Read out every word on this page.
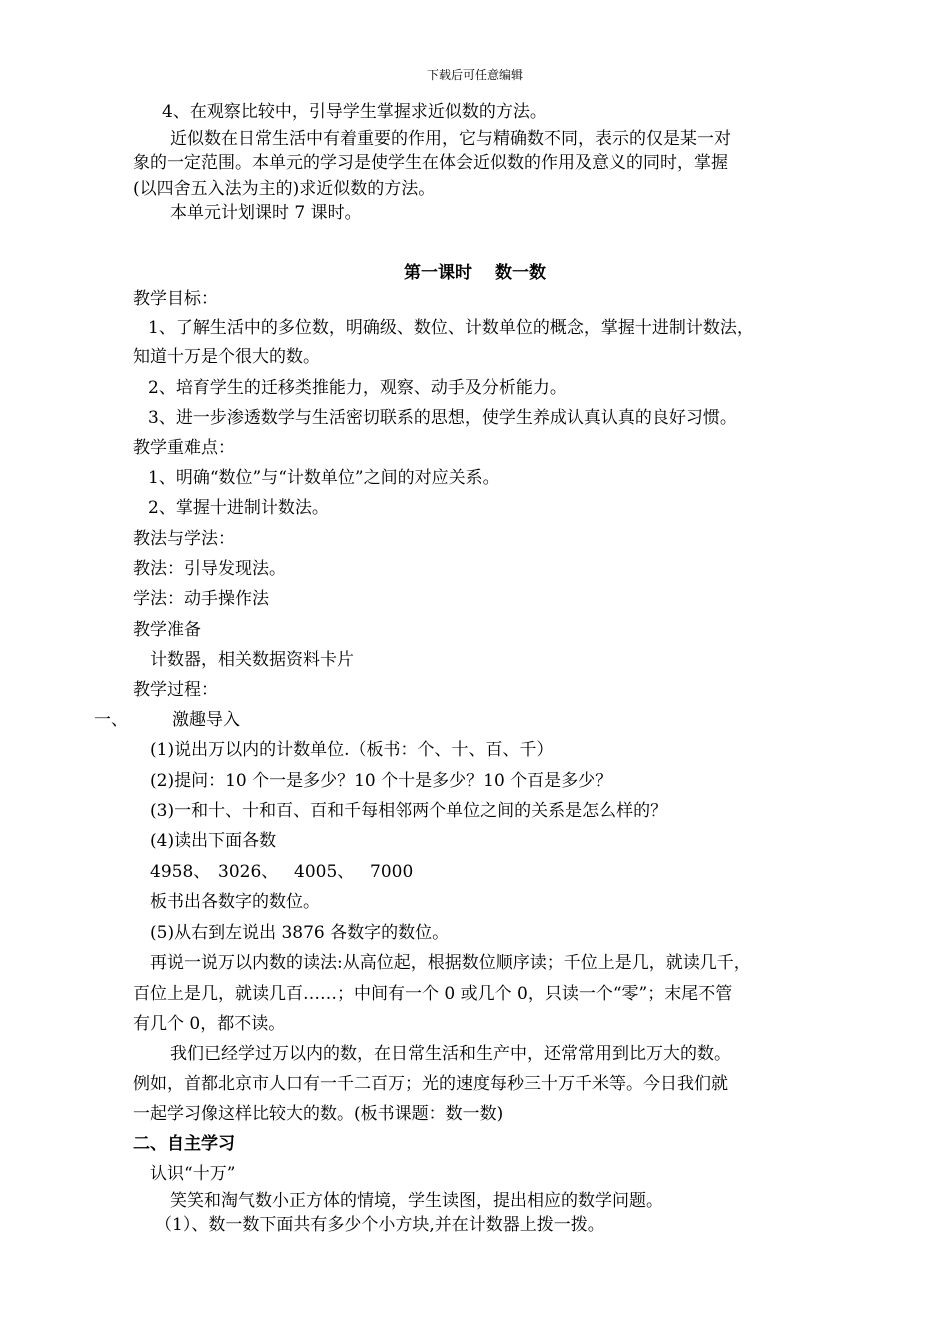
下载后可任意编辑
4、在观察比较中，引导学生掌握求近似数的方法。
近似数在日常生活中有着重要的作用，它与精确数不同，表示的仅是某一对
象的一定范围。本单元的学习是使学生在体会近似数的作用及意义的同时，掌握
(以四舍五入法为主的)求近似数的方法。
本单元计划课时 7 课时。
第一课时　 数一数
教学目标：
1、了解生活中的多位数，明确级、数位、计数单位的概念，掌握十进制计数法，
知道十万是个很大的数。
2、培育学生的迁移类推能力，观察、动手及分析能力。
3、进一步渗透数学与生活密切联系的思想，使学生养成认真认真的良好习惯。
教学重难点：
1、明确“数位”与“计数单位”之间的对应关系。
2、掌握十进制计数法。
教法与学法：
教法：引导发现法。
学法：动手操作法
教学准备
计数器，相关数据资料卡片
教学过程：
一、	激趣导入
(1)说出万以内的计数单位.（板书：个、十、百、千）
(2)提问：10 个一是多少？10 个十是多少？10 个百是多少？
(3)一和十、十和百、百和千每相邻两个单位之间的关系是怎么样的？
(4)读出下面各数
4958、 3026、 4005、 7000
板书出各数字的数位。
(5)从右到左说出 3876 各数字的数位。
再说一说万以内数的读法:从高位起，根据数位顺序读；千位上是几，就读几千，
百位上是几，就读几百……；中间有一个 0 或几个 0，只读一个“零”；末尾不管
有几个 0，都不读。
我们已经学过万以内的数，在日常生活和生产中，还常常用到比万大的数。
例如，首都北京市人口有一千二百万；光的速度每秒三十万千米等。今日我们就
一起学习像这样比较大的数。(板书课题：数一数)
二、自主学习
认识“十万”
笑笑和淘气数小正方体的情境，学生读图，提出相应的数学问题。
（1）、数一数下面共有多少个小方块,并在计数器上拨一拨。
